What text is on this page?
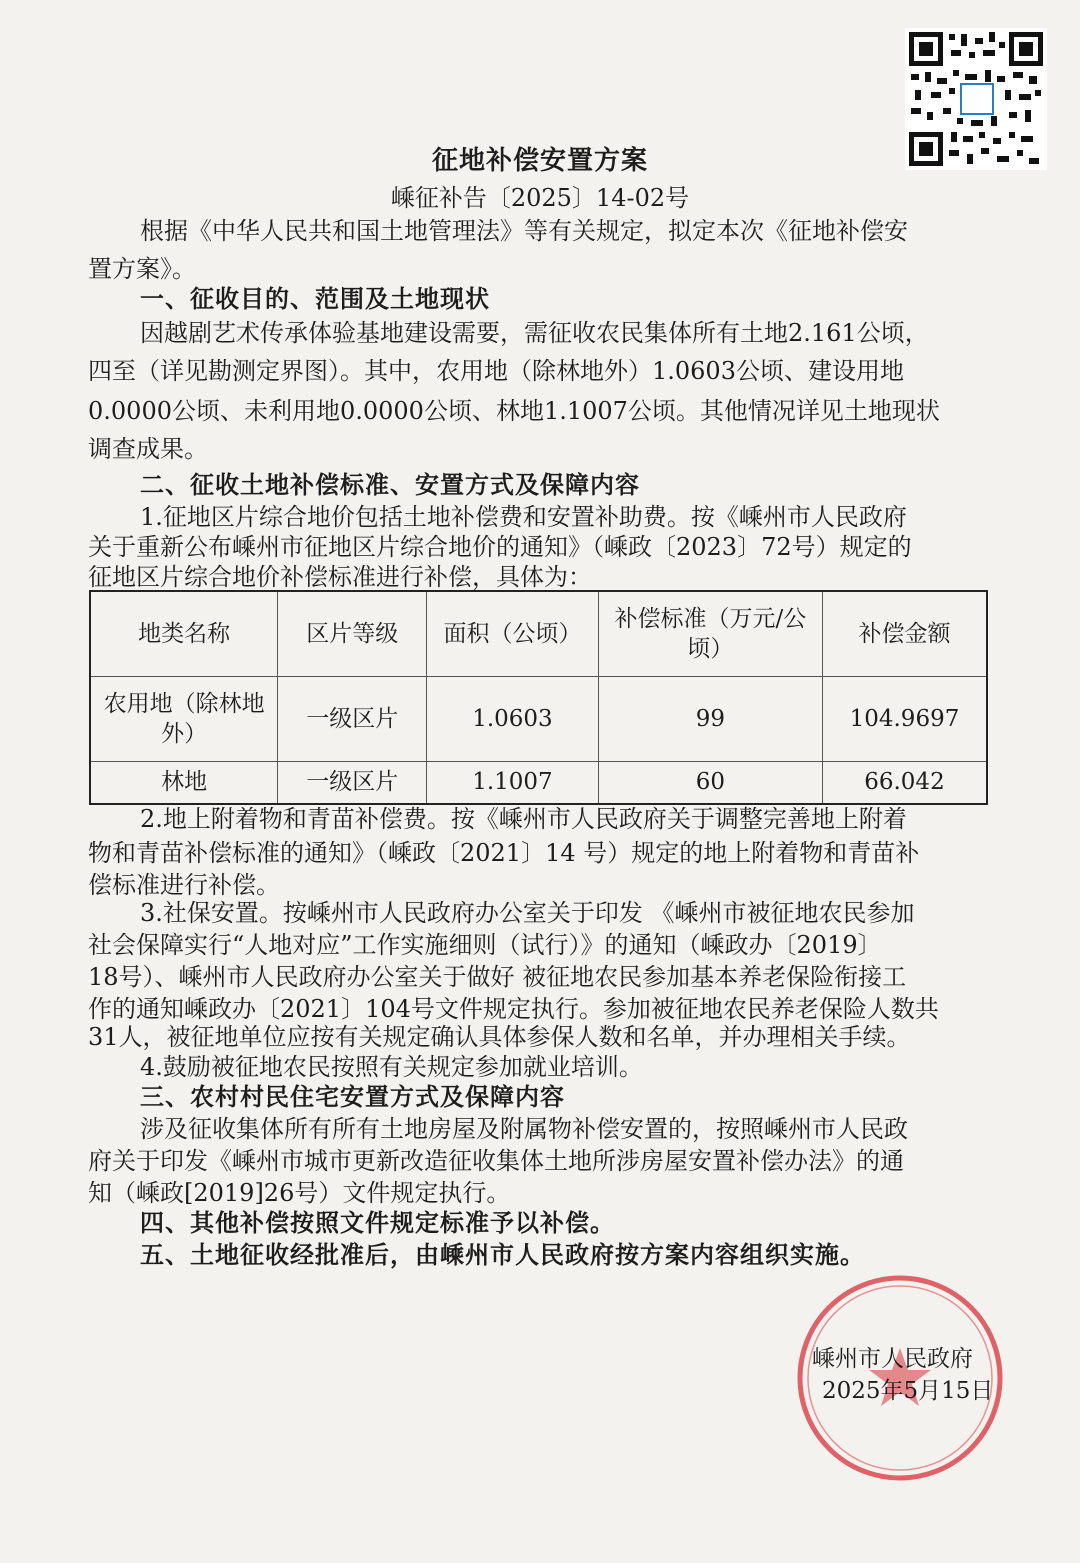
征地补偿安置方案
嵊征补告〔2025〕14-02号
根据《中华人民共和国土地管理法》等有关规定，拟定本次《征地补偿安
置方案》。
一、征收目的、范围及土地现状
因越剧艺术传承体验基地建设需要，需征收农民集体所有土地2.161公顷，
四至（详见勘测定界图）。其中，农用地（除林地外）1.0603公顷、建设用地
0.0000公顷、未利用地0.0000公顷、林地1.1007公顷。其他情况详见土地现状
调查成果。
二、征收土地补偿标准、安置方式及保障内容
1.征地区片综合地价包括土地补偿费和安置补助费。按《嵊州市人民政府
关于重新公布嵊州市征地区片综合地价的通知》（嵊政〔2023〕72号）规定的
征地区片综合地价补偿标准进行补偿，具体为：
地类名称	区片等级	面积（公顷）	补偿标准（万元/公顷）	补偿金额
农用地（除林地外）	一级区片	1.0603	99	104.9697
林地	一级区片	1.1007	60	66.042
2.地上附着物和青苗补偿费。按《嵊州市人民政府关于调整完善地上附着
物和青苗补偿标准的通知》（嵊政〔2021〕14 号）规定的地上附着物和青苗补
偿标准进行补偿。
3.社保安置。按嵊州市人民政府办公室关于印发 《嵊州市被征地农民参加
社会保障实行“人地对应”工作实施细则（试行）》的通知（嵊政办〔2019〕
18号）、嵊州市人民政府办公室关于做好 被征地农民参加基本养老保险衔接工
作的通知嵊政办〔2021〕104号文件规定执行。参加被征地农民养老保险人数共
31人，被征地单位应按有关规定确认具体参保人数和名单，并办理相关手续。
4.鼓励被征地农民按照有关规定参加就业培训。
三、农村村民住宅安置方式及保障内容
涉及征收集体所有所有土地房屋及附属物补偿安置的，按照嵊州市人民政
府关于印发《嵊州市城市更新改造征收集体土地所涉房屋安置补偿办法》的通
知（嵊政[2019]26号）文件规定执行。
四、其他补偿按照文件规定标准予以补偿。
五、土地征收经批准后，由嵊州市人民政府按方案内容组织实施。
嵊州市人民政府
2025年5月15日
